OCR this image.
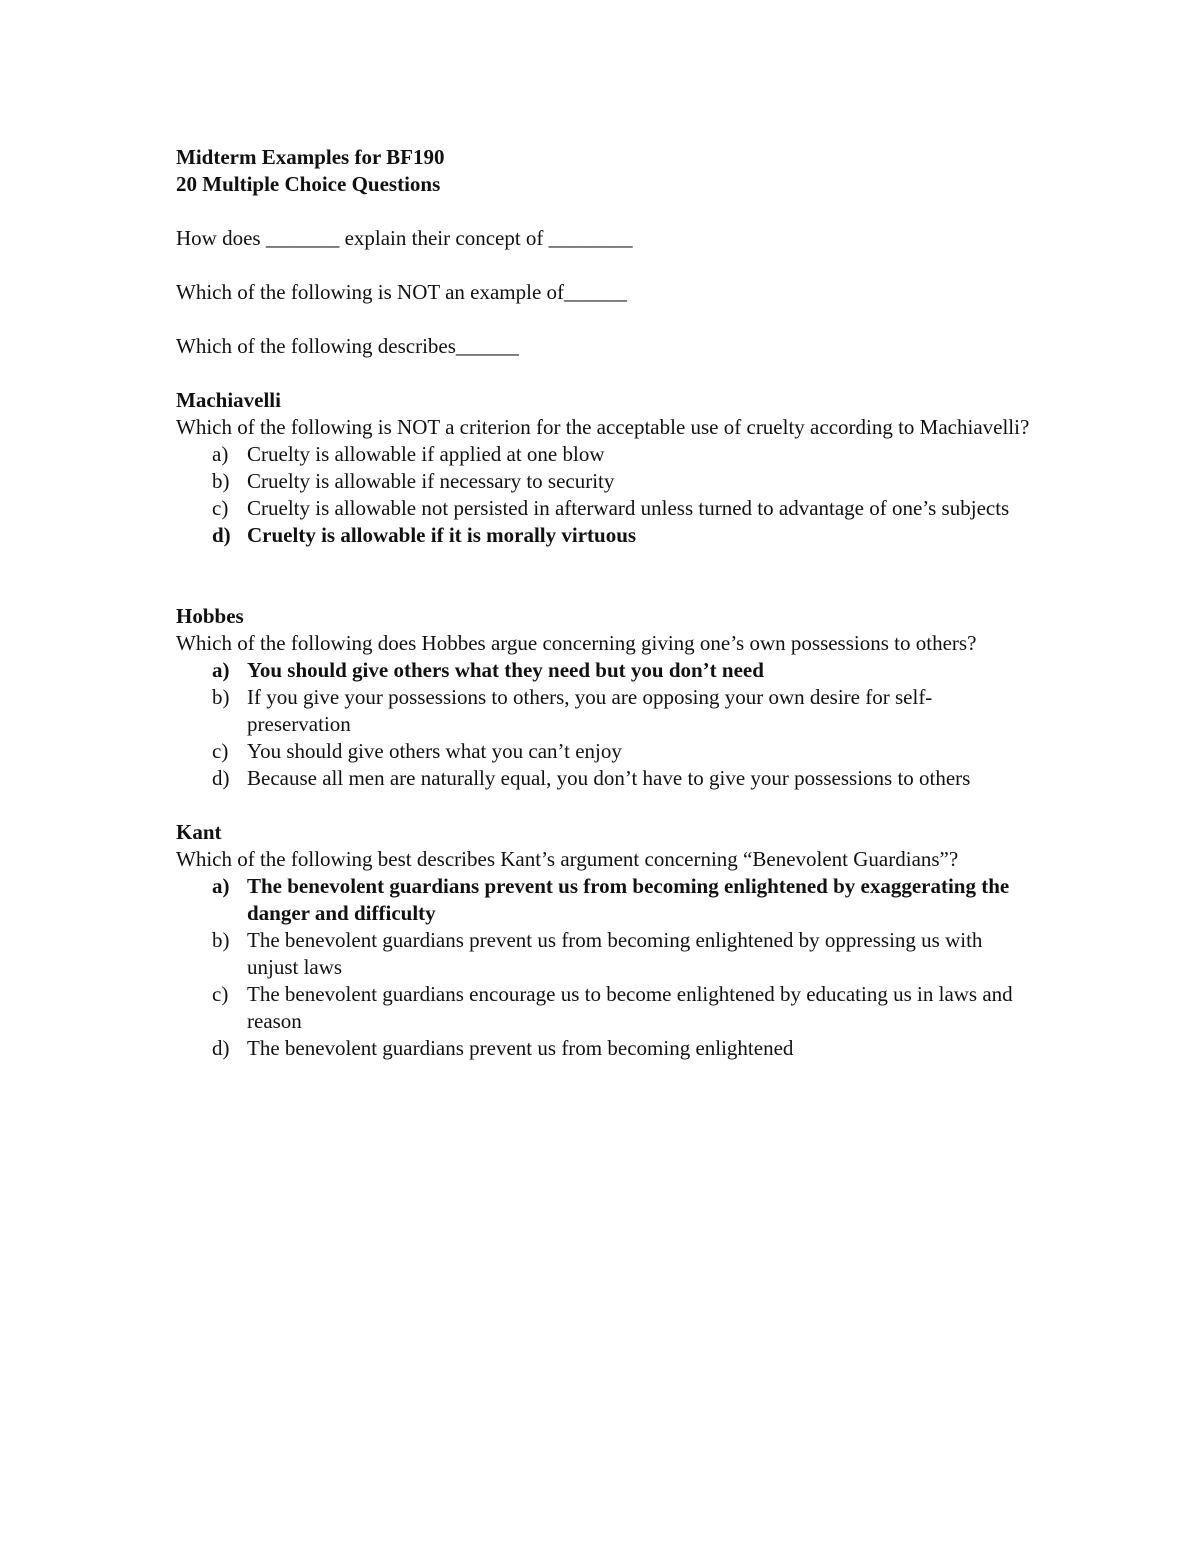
Midterm Examples for BF190

20 Multiple Choice Questions

How does _______ explain their concept of ________

Which of the following is NOT an example of______

Which of the following describes______

Machiavelli

Which of the following is NOT a criterion for the acceptable use of cruelty according to Machiavelli?

a) Cruelty is allowable if applied at one blow
b) Cruelty is allowable if necessary to security
c) Cruelty is allowable not persisted in afterward unless turned to advantage of one’s subjects
d) Cruelty is allowable if it is morally virtuous

Hobbes

Which of the following does Hobbes argue concerning giving one’s own possessions to others?

a) You should give others what they need but you don’t need
b) If you give your possessions to others, you are opposing your own desire for self-preservation
c) You should give others what you can’t enjoy
d) Because all men are naturally equal, you don’t have to give your possessions to others

Kant

Which of the following best describes Kant’s argument concerning “Benevolent Guardians”?

a) The benevolent guardians prevent us from becoming enlightened by exaggerating the danger and difficulty
b) The benevolent guardians prevent us from becoming enlightened by oppressing us with unjust laws
c) The benevolent guardians encourage us to become enlightened by educating us in laws and reason
d) The benevolent guardians prevent us from becoming enlightened
